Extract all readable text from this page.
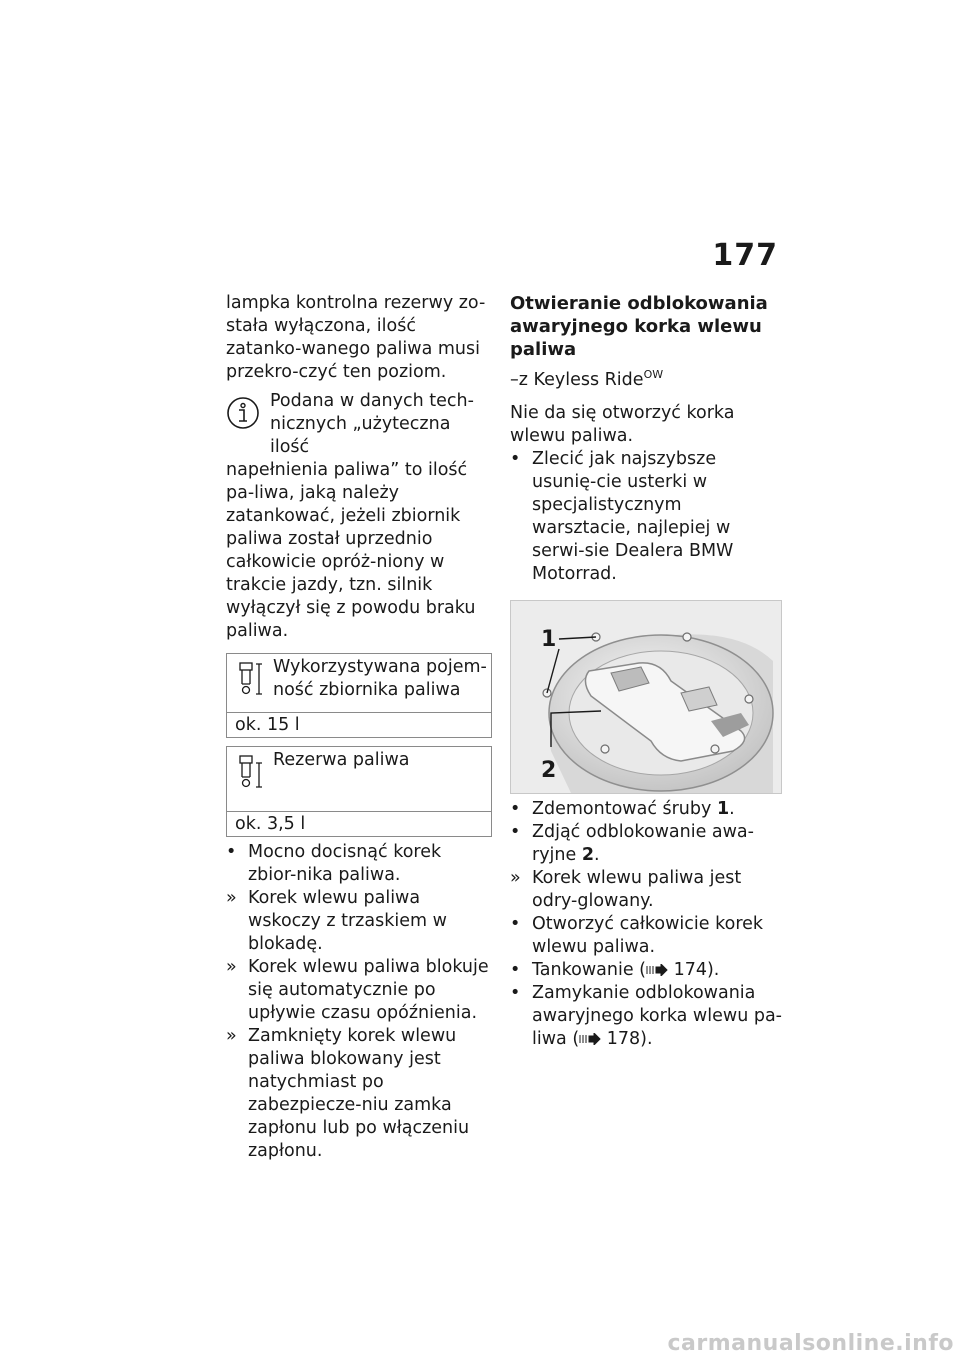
177

lampka kontrolna rezerwy zo-stała wyłączona, ilość zatanko-wanego paliwa musi przekro-czyć ten poziom.

Podana w danych tech-nicznych „użyteczna ilość

napełnienia paliwa” to ilość pa-liwa, jaką należy zatankować, jeżeli zbiornik paliwa został uprzednio całkowicie opróż-niony w trakcie jazdy, tzn. silnik wyłączył się z powodu braku paliwa.

Wykorzystywana pojem-ność zbiornika paliwa
ok. 15 l
Rezerwa paliwa
ok. 3,5 l
• Mocno docisnąć korek zbior-nika paliwa.
» Korek wlewu paliwa wskoczy z trzaskiem w blokadę.
» Korek wlewu paliwa blokuje się automatycznie po upływie czasu opóźnienia.
» Zamknięty korek wlewu paliwa blokowany jest natychmiast po zabezpiecze-niu zamka zapłonu lub po włączeniu zapłonu.
Otwieranie odblokowania awaryjnego korka wlewu paliwa

–z Keyless Ride$^{OW}$

Nie da się otworzyć korka wlewu paliwa.

• Zlecić jak najszybsze usunię-cie usterki w specjalistycznym warsztacie, najlepiej w serwi-sie Dealera BMW Motorrad.
1
2
• Zdemontować śruby 1.
• Zdjąć odblokowanie awa-ryjne 2.
» Korek wlewu paliwa jest odry-glowany.
• Otworzyć całkowicie korek wlewu paliwa.
• Tankowanie ( 174).
• Zamykanie odblokowania awaryjnego korka wlewu pa-liwa ( 178).
carmanualsonline.info
